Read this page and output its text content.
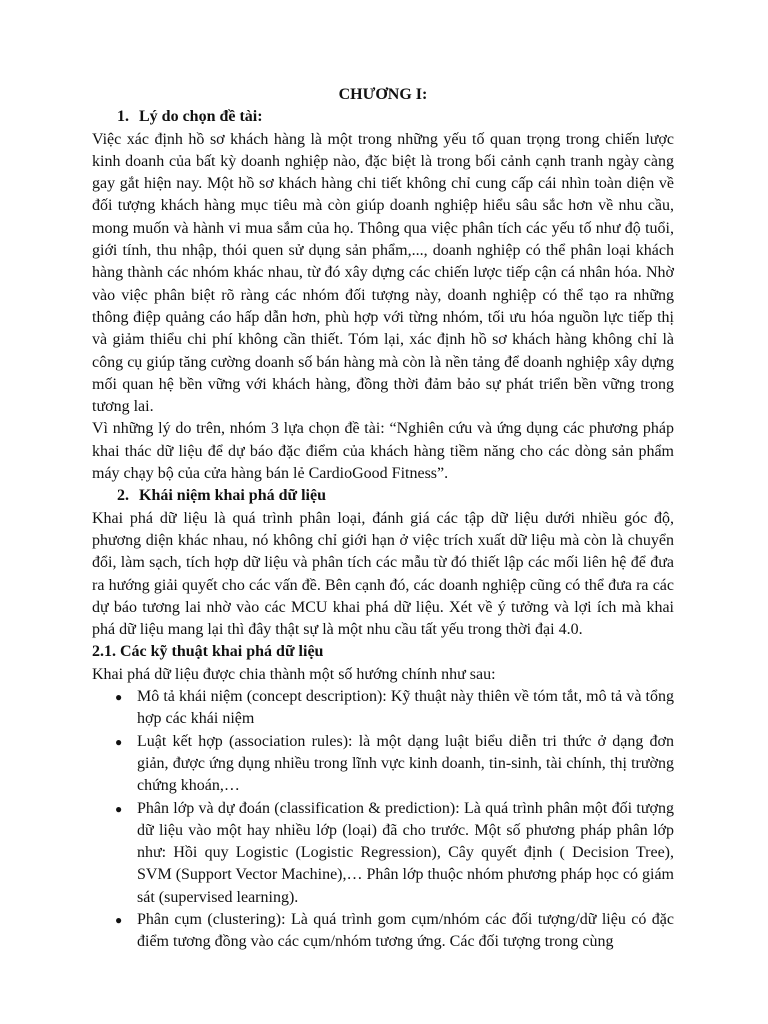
CHƯƠNG I:

1. Lý do chọn đề tài:

Việc xác định hồ sơ khách hàng là một trong những yếu tố quan trọng trong chiến lược kinh doanh của bất kỳ doanh nghiệp nào, đặc biệt là trong bối cảnh cạnh tranh ngày càng gay gắt hiện nay. Một hồ sơ khách hàng chi tiết không chỉ cung cấp cái nhìn toàn diện về đối tượng khách hàng mục tiêu mà còn giúp doanh nghiệp hiểu sâu sắc hơn về nhu cầu, mong muốn và hành vi mua sắm của họ. Thông qua việc phân tích các yếu tố như độ tuổi, giới tính, thu nhập, thói quen sử dụng sản phẩm,..., doanh nghiệp có thể phân loại khách hàng thành các nhóm khác nhau, từ đó xây dựng các chiến lược tiếp cận cá nhân hóa. Nhờ vào việc phân biệt rõ ràng các nhóm đối tượng này, doanh nghiệp có thể tạo ra những thông điệp quảng cáo hấp dẫn hơn, phù hợp với từng nhóm, tối ưu hóa nguồn lực tiếp thị và giảm thiểu chi phí không cần thiết. Tóm lại, xác định hồ sơ khách hàng không chỉ là công cụ giúp tăng cường doanh số bán hàng mà còn là nền tảng để doanh nghiệp xây dựng mối quan hệ bền vững với khách hàng, đồng thời đảm bảo sự phát triển bền vững trong tương lai.

Vì những lý do trên, nhóm 3 lựa chọn đề tài: “Nghiên cứu và ứng dụng các phương pháp khai thác dữ liệu để dự báo đặc điểm của khách hàng tiềm năng cho các dòng sản phẩm máy chạy bộ của cửa hàng bán lẻ CardioGood Fitness”.

2. Khái niệm khai phá dữ liệu

Khai phá dữ liệu là quá trình phân loại, đánh giá các tập dữ liệu dưới nhiều góc độ, phương diện khác nhau, nó không chỉ giới hạn ở việc trích xuất dữ liệu mà còn là chuyển đổi, làm sạch, tích hợp dữ liệu và phân tích các mẫu từ đó thiết lập các mối liên hệ để đưa ra hướng giải quyết cho các vấn đề. Bên cạnh đó, các doanh nghiệp cũng có thể đưa ra các dự báo tương lai nhờ vào các MCU khai phá dữ liệu. Xét về ý tưởng và lợi ích mà khai phá dữ liệu mang lại thì đây thật sự là một nhu cầu tất yếu trong thời đại 4.0.

2.1. Các kỹ thuật khai phá dữ liệu

Khai phá dữ liệu được chia thành một số hướng chính như sau:

● Mô tả khái niệm (concept description): Kỹ thuật này thiên về tóm tắt, mô tả và tổng hợp các khái niệm
● Luật kết hợp (association rules): là một dạng luật biểu diễn tri thức ở dạng đơn giản, được ứng dụng nhiều trong lĩnh vực kinh doanh, tin-sinh, tài chính, thị trường chứng khoán,…
● Phân lớp và dự đoán (classification & prediction): Là quá trình phân một đối tượng dữ liệu vào một hay nhiều lớp (loại) đã cho trước. Một số phương pháp phân lớp như: Hồi quy Logistic (Logistic Regression), Cây quyết định ( Decision Tree), SVM (Support Vector Machine),… Phân lớp thuộc nhóm phương pháp học có giám sát (supervised learning).
● Phân cụm (clustering): Là quá trình gom cụm/nhóm các đối tượng/dữ liệu có đặc điểm tương đồng vào các cụm/nhóm tương ứng. Các đối tượng trong cùng
